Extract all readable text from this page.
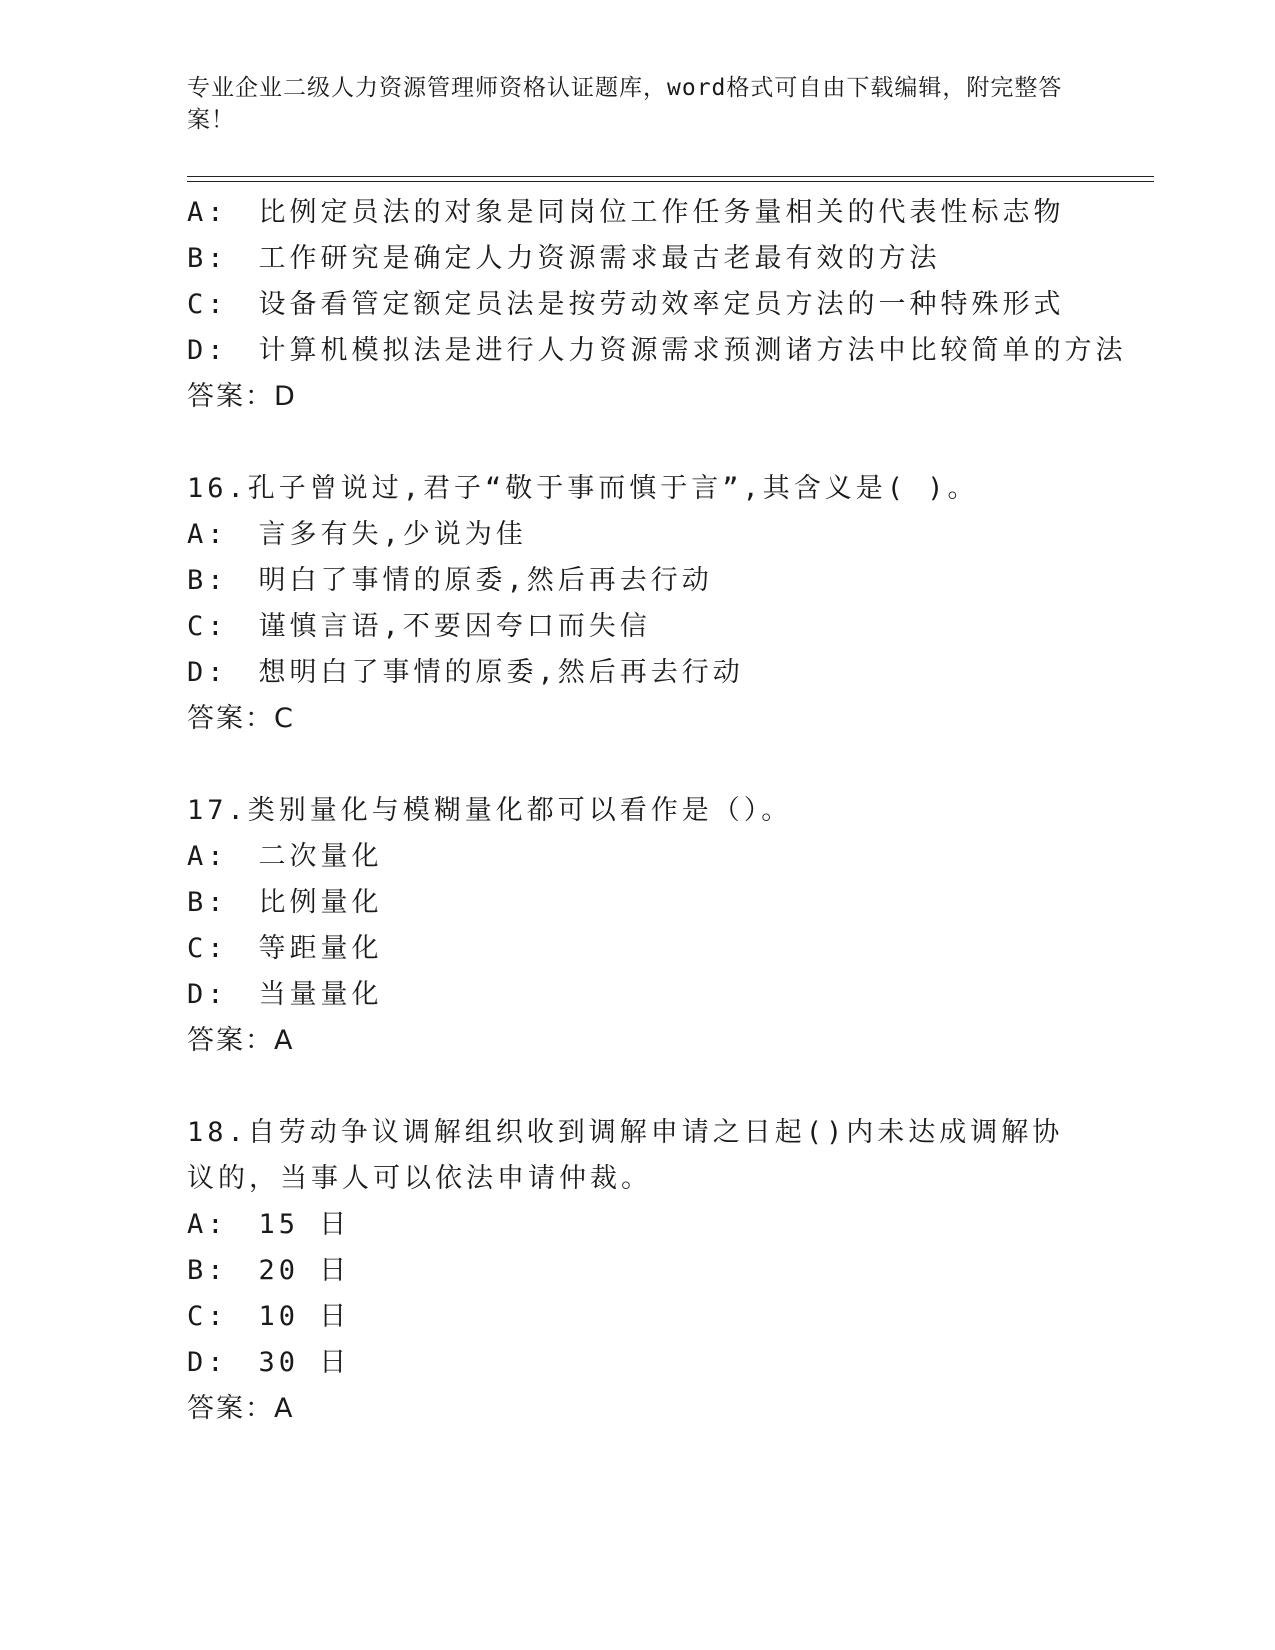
专业企业二级人力资源管理师资格认证题库，word格式可自由下载编辑，附完整答案！
A:　比例定员法的对象是同岗位工作任务量相关的代表性标志物
B:　工作研究是确定人力资源需求最古老最有效的方法
C:　设备看管定额定员法是按劳动效率定员方法的一种特殊形式
D:　计算机模拟法是进行人力资源需求预测诸方法中比较简单的方法
答案：D
16.孔子曾说过,君子“敬于事而慎于言”,其含义是( )。
A:　言多有失,少说为佳
B:　明白了事情的原委,然后再去行动
C:　谨慎言语,不要因夸口而失信
D:　想明白了事情的原委,然后再去行动
答案：C
17.类别量化与模糊量化都可以看作是（）。
A:　二次量化
B:　比例量化
C:　等距量化
D:　当量量化
答案：A
18.自劳动争议调解组织收到调解申请之日起()内未达成调解协议的，当事人可以依法申请仲裁。
A:　15 日
B:　20 日
C:　10 日
D:　30 日
答案：A
